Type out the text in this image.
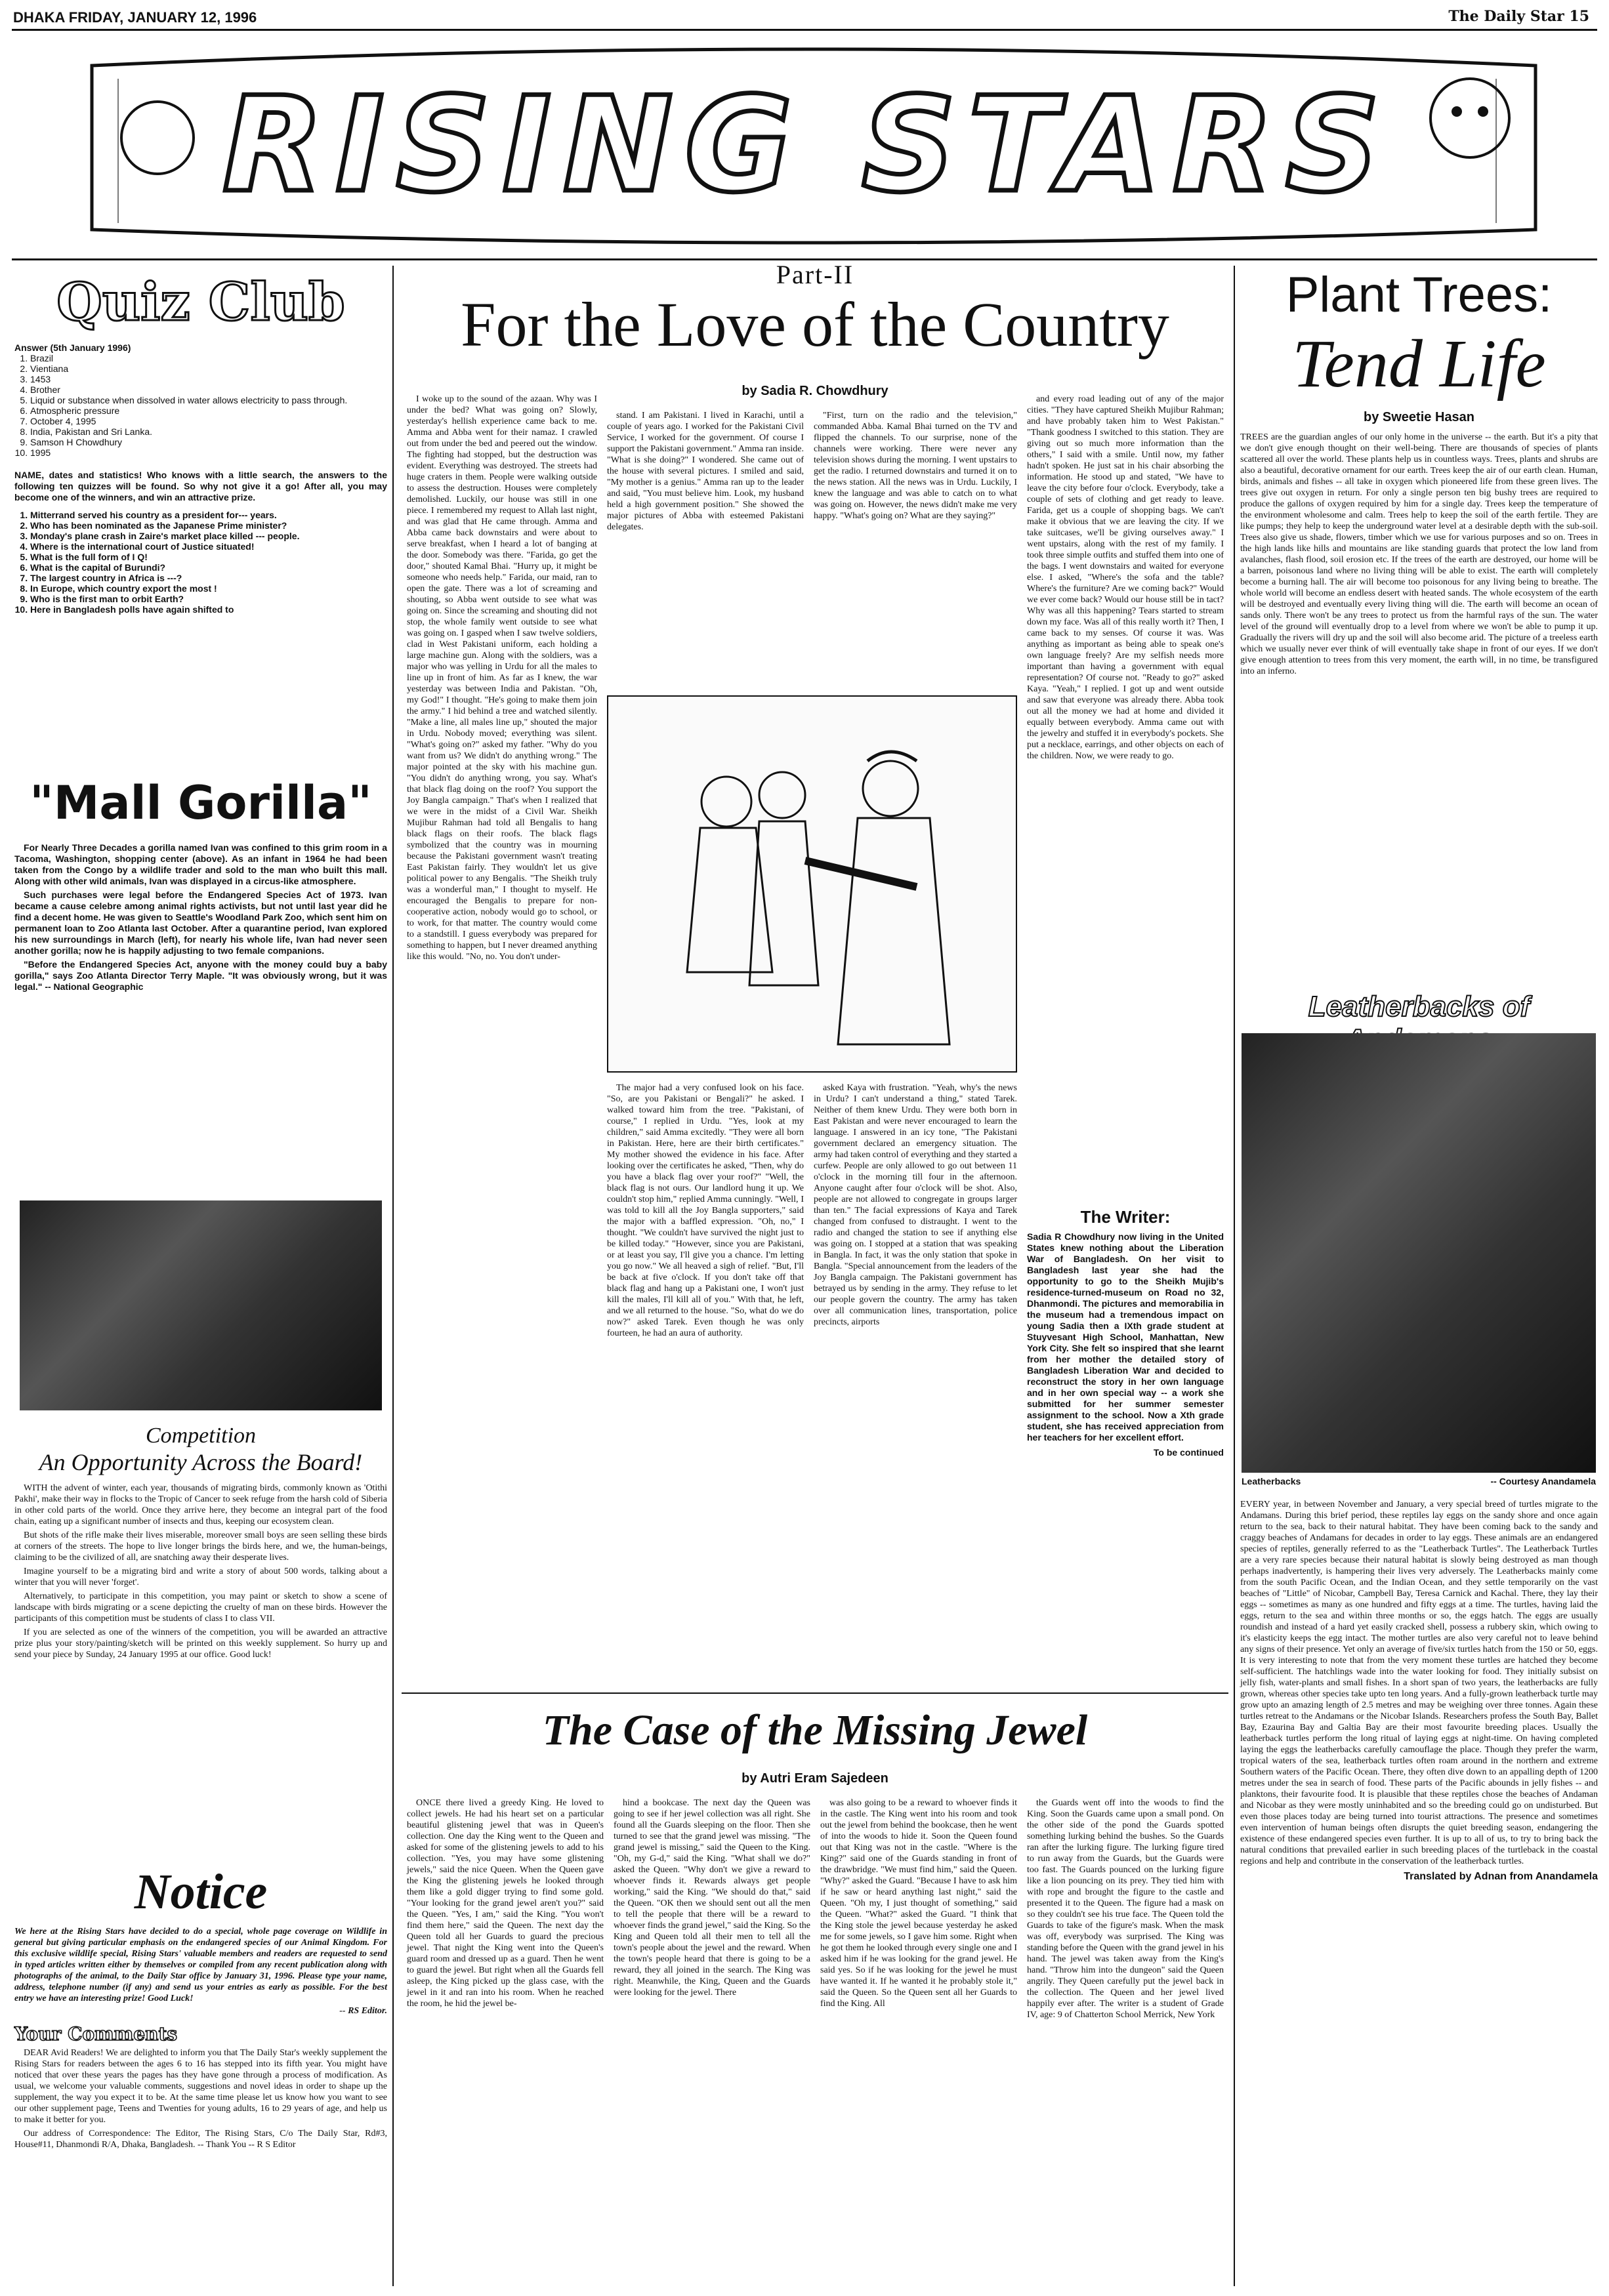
DHAKA FRIDAY, JANUARY 12, 1996	The Daily Star 15
RISING STARS
Quiz Club
Answer (5th January 1996)
1. Brazil
2. Vientiana
3. 1453
4. Brother
5. Liquid or substance when dissolved in water allows electricity to pass through.
6. Atmospheric pressure
7. October 4, 1995
8. India, Pakistan and Sri Lanka.
9. Samson H Chowdhury
10. 1995

NAME, dates and statistics! Who knows with a little search, the answers to the following ten quizzes will be found. So why not give it a go! After all, you may become one of the winners, and win an attractive prize.

1. Mitterrand served his country as a president for--- years.
2. Who has been nominated as the Japanese Prime minister?
3. Monday's plane crash in Zaire's market place killed --- people.
4. Where is the international court of Justice situated!
5. What is the full form of I Q!
6. What is the capital of Burundi?
7. The largest country in Africa is ---?
8. In Europe, which country export the most !
9. Who is the first man to orbit Earth?
10. Here in Bangladesh polls have again shifted to
"Mall Gorilla"

For Nearly Three Decades a gorilla named Ivan was confined to this grim room in a Tacoma, Washington, shopping center (above). As an infant in 1964 he had been taken from the Congo by a wildlife trader and sold to the man who built this mall. Along with other wild animals, Ivan was displayed in a circus-like atmosphere.

Such purchases were legal before the Endangered Species Act of 1973. Ivan became a cause celebre among animal rights activists, but not until last year did he find a decent home. He was given to Seattle's Woodland Park Zoo, which sent him on permanent loan to Zoo Atlanta last October. After a quarantine period, Ivan explored his new surroundings in March (left), for nearly his whole life, Ivan had never seen another gorilla; now he is happily adjusting to two female companions.

"Before the Endangered Species Act, anyone with the money could buy a baby gorilla," says Zoo Atlanta Director Terry Maple. "It was obviously wrong, but it was legal." -- National Geographic

Competition
An Opportunity Across the Board!

WITH the advent of winter, each year, thousands of migrating birds, commonly known as 'Otithi Pakhi', make their way in flocks to the Tropic of Cancer to seek refuge from the harsh cold of Siberia in other cold parts of the world. Once they arrive here, they become an integral part of the food chain, eating up a significant number of insects and thus, keeping our ecosystem clean.

But shots of the rifle make their lives miserable, moreover small boys are seen selling these birds at corners of the streets. The hope to live longer brings the birds here, and we, the human-beings, claiming to be the civilized of all, are snatching away their desperate lives.

Imagine yourself to be a migrating bird and write a story of about 500 words, talking about a winter that you will never 'forget'.

Alternatively, to participate in this competition, you may paint or sketch to show a scene of landscape with birds migrating or a scene depicting the cruelty of man on these birds. However the participants of this competition must be students of class I to class VII.

If you are selected as one of the winners of the competition, you will be awarded an attractive prize plus your story/painting/sketch will be printed on this weekly supplement. So hurry up and send your piece by Sunday, 24 January 1995 at our office. Good luck!

Notice

We here at the Rising Stars have decided to do a special, whole page coverage on Wildlife in general but giving particular emphasis on the endangered species of our Animal Kingdom. For this exclusive wildlife special, Rising Stars' valuable members and readers are requested to send in typed articles written either by themselves or compiled from any recent publication along with photographs of the animal, to the Daily Star office by January 31, 1996. Please type your name, address, telephone number (if any) and send us your entries as early as possible. For the best entry we have an interesting prize! Good Luck!

-- RS Editor.
Your Comments

DEAR Avid Readers! We are delighted to inform you that The Daily Star's weekly supplement the Rising Stars for readers between the ages 6 to 16 has stepped into its fifth year. You might have noticed that over these years the pages has they have gone through a process of modification. As usual, we welcome your valuable comments, suggestions and novel ideas in order to shape up the supplement, the way you expect it to be. At the same time please let us know how you want to see our other supplement page, Teens and Twenties for young adults, 16 to 29 years of age, and help us to make it better for you.

Our address of Correspondence: The Editor, The Rising Stars, C/o The Daily Star, Rd#3, House#11, Dhanmondi R/A, Dhaka, Bangladesh. -- Thank You -- R S Editor

Part-II
For the Love of the Country
by Sadia R. Chowdhury

I woke up to the sound of the azaan. Why was I under the bed? What was going on? Slowly, yesterday's hellish experience came back to me. Amma and Abba went for their namaz. I crawled out from under the bed and peered out the window. The fighting had stopped, but the destruction was evident. Everything was destroyed. The streets had huge craters in them. People were walking outside to assess the destruction. Houses were completely demolished. Luckily, our house was still in one piece. I remembered my request to Allah last night, and was glad that He came through. Amma and Abba came back downstairs and were about to serve breakfast, when I heard a lot of banging at the door. Somebody was there. "Farida, go get the door," shouted Kamal Bhai. "Hurry up, it might be someone who needs help." Farida, our maid, ran to open the gate. There was a lot of screaming and shouting, so Abba went outside to see what was going on. Since the screaming and shouting did not stop, the whole family went outside to see what was going on. I gasped when I saw twelve soldiers, clad in West Pakistani uniform, each holding a large machine gun. Along with the soldiers, was a major who was yelling in Urdu for all the males to line up in front of him. As far as I knew, the war yesterday was between India and Pakistan. "Oh, my God!" I thought. "He's going to make them join the army." I hid behind a tree and watched silently. "Make a line, all males line up," shouted the major in Urdu. Nobody moved; everything was silent. "What's going on?" asked my father. "Why do you want from us? We didn't do anything wrong." The major pointed at the sky with his machine gun. "You didn't do anything wrong, you say. What's that black flag doing on the roof? You support the Joy Bangla campaign." That's when I realized that we were in the midst of a Civil War. Sheikh Mujibur Rahman had told all Bengalis to hang black flags on their roofs. The black flags symbolized that the country was in mourning because the Pakistani government wasn't treating East Pakistan fairly. They wouldn't let us give political power to any Bengalis. "The Sheikh truly was a wonderful man," I thought to myself. He encouraged the Bengalis to prepare for non-cooperative action, nobody would go to school, or to work, for that matter. The country would come to a standstill. I guess everybody was prepared for something to happen, but I never dreamed anything like this would. "No, no. You don't under-

stand. I am Pakistani. I lived in Karachi, until a couple of years ago. I worked for the Pakistani Civil Service, I worked for the government. Of course I support the Pakistani government." Amma ran inside. "What is she doing?" I wondered. She came out of the house with several pictures. I smiled and said, "My mother is a genius." Amma ran up to the leader and said, "You must believe him. Look, my husband held a high government position." She showed the major pictures of Abba with esteemed Pakistani delegates.

"First, turn on the radio and the television," commanded Abba. Kamal Bhai turned on the TV and flipped the channels. To our surprise, none of the channels were working. There were never any television shows during the morning. I went upstairs to get the radio. I returned downstairs and turned it on to the news station. All the news was in Urdu. Luckily, I knew the language and was able to catch on to what was going on. However, the news didn't make me very happy. "What's going on? What are they saying?"

and every road leading out of any of the major cities. "They have captured Sheikh Mujibur Rahman; and have probably taken him to West Pakistan." "Thank goodness I switched to this station. They are giving out so much more information than the others," I said with a smile. Until now, my father hadn't spoken. He just sat in his chair absorbing the information. He stood up and stated, "We have to leave the city before four o'clock. Everybody, take a couple of sets of clothing and get ready to leave. Farida, get us a couple of shopping bags. We can't make it obvious that we are leaving the city. If we take suitcases, we'll be giving ourselves away." I went upstairs, along with the rest of my family. I took three simple outfits and stuffed them into one of the bags. I went downstairs and waited for everyone else. I asked, "Where's the sofa and the table? Where's the furniture? Are we coming back?" Would we ever come back? Would our house still be in tact? Why was all this happening? Tears started to stream down my face. Was all of this really worth it? Then, I came back to my senses. Of course it was. Was anything as important as being able to speak one's own language freely? Are my selfish needs more important than having a government with equal representation? Of course not. "Ready to go?" asked Kaya. "Yeah," I replied. I got up and went outside and saw that everyone was already there. Abba took out all the money we had at home and divided it equally between everybody. Amma came out with the jewelry and stuffed it in everybody's pockets. She put a necklace, earrings, and other objects on each of the children. Now, we were ready to go.

The major had a very confused look on his face. "So, are you Pakistani or Bengali?" he asked. I walked toward him from the tree. "Pakistani, of course," I replied in Urdu. "Yes, look at my children," said Amma excitedly. "They were all born in Pakistan. Here, here are their birth certificates." My mother showed the evidence in his face. After looking over the certificates he asked, "Then, why do you have a black flag over your roof?" "Well, the black flag is not ours. Our landlord hung it up. We couldn't stop him," replied Amma cunningly. "Well, I was told to kill all the Joy Bangla supporters," said the major with a baffled expression. "Oh, no," I thought. "We couldn't have survived the night just to be killed today." "However, since you are Pakistani, or at least you say, I'll give you a chance. I'm letting you go now." We all heaved a sigh of relief. "But, I'll be back at five o'clock. If you don't take off that black flag and hang up a Pakistani one, I won't just kill the males, I'll kill all of you." With that, he left, and we all returned to the house. "So, what do we do now?" asked Tarek. Even though he was only fourteen, he had an aura of authority.

asked Kaya with frustration. "Yeah, why's the news in Urdu? I can't understand a thing," stated Tarek. Neither of them knew Urdu. They were both born in East Pakistan and were never encouraged to learn the language. I answered in an icy tone, "The Pakistani government declared an emergency situation. The army had taken control of everything and they started a curfew. People are only allowed to go out between 11 o'clock in the morning till four in the afternoon. Anyone caught after four o'clock will be shot. Also, people are not allowed to congregate in groups larger than ten." The facial expressions of Kaya and Tarek changed from confused to distraught. I went to the radio and changed the station to see if anything else was going on. I stopped at a station that was speaking in Bangla. In fact, it was the only station that spoke in Bangla. "Special announcement from the leaders of the Joy Bangla campaign. The Pakistani government has betrayed us by sending in the army. They refuse to let our people govern the country. The army has taken over all communication lines, transportation, police precincts, airports

The Writer:

Sadia R Chowdhury now living in the United States knew nothing about the Liberation War of Bangladesh. On her visit to Bangladesh last year she had the opportunity to go to the Sheikh Mujib's residence-turned-museum on Road no 32, Dhanmondi. The pictures and memorabilia in the museum had a tremendous impact on young Sadia then a IXth grade student at Stuyvesant High School, Manhattan, New York City. She felt so inspired that she learnt from her mother the detailed story of Bangladesh Liberation War and decided to reconstruct the story in her own language and in her own special way -- a work she submitted for her summer semester assignment to the school. Now a Xth grade student, she has received appreciation from her teachers for her excellent effort.

To be continued
The Case of the Missing Jewel
by Autri Eram Sajedeen

ONCE there lived a greedy King. He loved to collect jewels. He had his heart set on a particular beautiful glistening jewel that was in Queen's collection. One day the King went to the Queen and asked for some of the glistening jewels to add to his collection. "Yes, you may have some glistening jewels," said the nice Queen. When the Queen gave the King the glistening jewels he looked through them like a gold digger trying to find some gold. "Your looking for the grand jewel aren't you?" said the Queen. "Yes, I am," said the King. "You won't find them here," said the Queen. The next day the Queen told all her Guards to guard the precious jewel. That night the King went into the Queen's guard room and dressed up as a guard. Then he went to guard the jewel. But right when all the Guards fell asleep, the King picked up the glass case, with the jewel in it and ran into his room. When he reached the room, he hid the jewel be-

hind a bookcase. The next day the Queen was going to see if her jewel collection was all right. She found all the Guards sleeping on the floor. Then she turned to see that the grand jewel was missing. "The grand jewel is missing," said the Queen to the King. "Oh, my G-d," said the King. "What shall we do?" asked the Queen. "Why don't we give a reward to whoever finds it. Rewards always get people working," said the King. "We should do that," said the Queen. "OK then we should sent out all the men to tell the people that there will be a reward to whoever finds the grand jewel," said the King. So the King and Queen told all their men to tell all the town's people about the jewel and the reward. When the town's people heard that there is going to be a reward, they all joined in the search. The King was right. Meanwhile, the King, Queen and the Guards were looking for the jewel. There

was also going to be a reward to whoever finds it in the castle. The King went into his room and took out the jewel from behind the bookcase, then he went of into the woods to hide it. Soon the Queen found out that King was not in the castle. "Where is the King?" said one of the Guards standing in front of the drawbridge. "We must find him," said the Queen. "Why?" asked the Guard. "Because I have to ask him if he saw or heard anything last night," said the Queen. "Oh my, I just thought of something," said the Queen. "What?" asked the Guard. "I think that the King stole the jewel because yesterday he asked me for some jewels, so I gave him some. Right when he got them he looked through every single one and I asked him if he was looking for the grand jewel. He said yes. So if he was looking for the jewel he must have wanted it. If he wanted it he probably stole it," said the Queen. So the Queen sent all her Guards to find the King. All

the Guards went off into the woods to find the King. Soon the Guards came upon a small pond. On the other side of the pond the Guards spotted something lurking behind the bushes. So the Guards ran after the lurking figure. The lurking figure tired to run away from the Guards, but the Guards were too fast. The Guards pounced on the lurking figure like a lion pouncing on its prey. They tied him with with rope and brought the figure to the castle and presented it to the Queen. The figure had a mask on so they couldn't see his true face. The Queen told the Guards to take of the figure's mask. When the mask was off, everybody was surprised. The King was standing before the Queen with the grand jewel in his hand. The jewel was taken away from the King's hand. "Throw him into the dungeon" said the Queen angrily. They Queen carefully put the jewel back in the collection. The Queen and her jewel lived happily ever after. The writer is a student of Grade IV, age: 9 of Chatterton School Merrick, New York

Plant Trees:
Tend Life
by Sweetie Hasan

TREES are the guardian angles of our only home in the universe -- the earth. But it's a pity that we don't give enough thought on their well-being. There are thousands of species of plants scattered all over the world. These plants help us in countless ways. Trees, plants and shrubs are also a beautiful, decorative ornament for our earth. Trees keep the air of our earth clean. Human, birds, animals and fishes -- all take in oxygen which pioneered life from these green lives. The trees give out oxygen in return. For only a single person ten big bushy trees are required to produce the gallons of oxygen required by him for a single day. Trees keep the temperature of the environment wholesome and calm. Trees help to keep the soil of the earth fertile. They are like pumps; they help to keep the underground water level at a desirable depth with the sub-soil. Trees also give us shade, flowers, timber which we use for various purposes and so on. Trees in the high lands like hills and mountains are like standing guards that protect the low land from avalanches, flash flood, soil erosion etc. If the trees of the earth are destroyed, our home will be a barren, poisonous land where no living thing will be able to exist. The earth will completely become a burning hall. The air will become too poisonous for any living being to breathe. The whole world will become an endless desert with heated sands. The whole ecosystem of the earth will be destroyed and eventually every living thing will die. The earth will become an ocean of sands only. There won't be any trees to protect us from the harmful rays of the sun. The water level of the ground will eventually drop to a level from where we won't be able to pump it up. Gradually the rivers will dry up and the soil will also become arid. The picture of a treeless earth which we usually never ever think of will eventually take shape in front of our eyes. If we don't give enough attention to trees from this very moment, the earth will, in no time, be transfigured into an inferno.

Leatherbacks of
Leatherbacks	-- Courtesy Anandamela

EVERY year, in between November and January, a very special breed of turtles migrate to the Andamans. During this brief period, these reptiles lay eggs on the sandy shore and once again return to the sea, back to their natural habitat. They have been coming back to the sandy and craggy beaches of Andamans for decades in order to lay eggs. These animals are an endangered species of reptiles, generally referred to as the "Leatherback Turtles". The Leatherback Turtles are a very rare species because their natural habitat is slowly being destroyed as man though perhaps inadvertently, is hampering their lives very adversely. The Leatherbacks mainly come from the south Pacific Ocean, and the Indian Ocean, and they settle temporarily on the vast beaches of "Little" of Nicobar, Campbell Bay, Teresa Carnick and Kachal. There, they lay their eggs -- sometimes as many as one hundred and fifty eggs at a time. The turtles, having laid the eggs, return to the sea and within three months or so, the eggs hatch. The eggs are usually roundish and instead of a hard yet easily cracked shell, possess a rubbery skin, which owing to it's elasticity keeps the egg intact. The mother turtles are also very careful not to leave behind any signs of their presence. Yet only an average of five/six turtles hatch from the 150 or 50, eggs. It is very interesting to note that from the very moment these turtles are hatched they become self-sufficient. The hatchlings wade into the water looking for food. They initially subsist on jelly fish, water-plants and small fishes. In a short span of two years, the leatherbacks are fully grown, whereas other species take upto ten long years. And a fully-grown leatherback turtle may grow upto an amazing length of 2.5 metres and may be weighing over three tonnes. Again these turtles retreat to the Andamans or the Nicobar Islands. Researchers profess the South Bay, Ballet Bay, Ezaurina Bay and Galtia Bay are their most favourite breeding places. Usually the leatherback turtles perform the long ritual of laying eggs at night-time. On having completed laying the eggs the leatherbacks carefully camouflage the place. Though they prefer the warm, tropical waters of the sea, leatherback turtles often roam around in the northern and extreme Southern waters of the Pacific Ocean. There, they often dive down to an appalling depth of 1200 metres under the sea in search of food. These parts of the Pacific abounds in jelly fishes -- and planktons, their favourite food. It is plausible that these reptiles chose the beaches of Andaman and Nicobar as they were mostly uninhabited and so the breeding could go on undisturbed. But even those places today are being turned into tourist attractions. The presence and sometimes even intervention of human beings often disrupts the quiet breeding season, endangering the existence of these endangered species even further. It is up to all of us, to try to bring back the natural conditions that prevailed earlier in such breeding places of the turtleback in the coastal regions and help and contribute in the conservation of the leatherback turtles.

Translated by Adnan from Anandamela
